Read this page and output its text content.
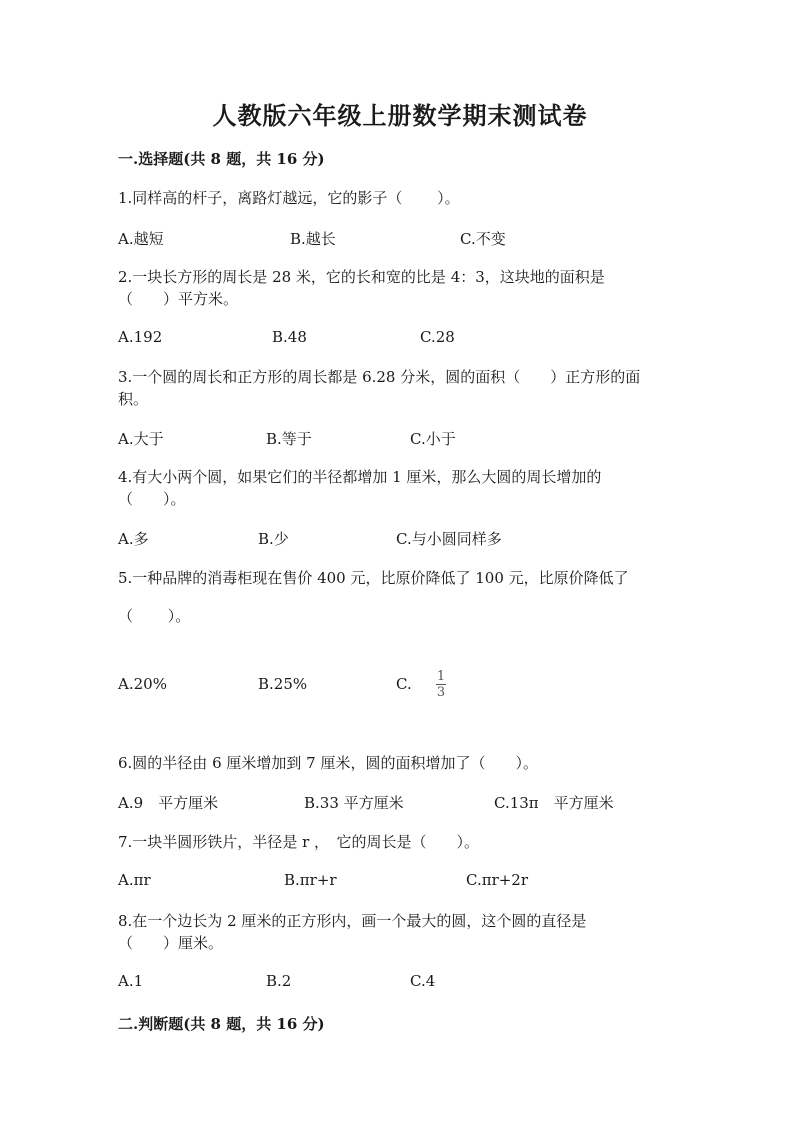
人教版六年级上册数学期末测试卷
一.选择题(共 8 题，共 16 分)
1.同样高的杆子，离路灯越远，它的影子（　　 ）。
A.越短	B.越长	C.不变
2.一块长方形的周长是 28 米，它的长和宽的比是 4：3，这块地的面积是
（　　）平方米。
A.192	B.48	C.28
3.一个圆的周长和正方形的周长都是 6.28 分米，圆的面积（　　）正方形的面
积。
A.大于	B.等于	C.小于
4.有大小两个圆，如果它们的半径都增加 1 厘米，那么大圆的周长增加的
（　　）。
A.多	B.少	C.与小圆同样多
5.一种品牌的消毒柜现在售价 400 元，比原价降低了 100 元，比原价降低了
（　　 ）。
A.20%	B.25%	C. 1
3
6.圆的半径由 6 厘米增加到 7 厘米，圆的面积增加了（　　）。
A.9　平方厘米	B.33 平方厘米	C.13π　平方厘米
7.一块半圆形铁片，半径是 r ，　它的周长是（　　）。
A.πr	B.πr+r	C.πr+2r
8.在一个边长为 2 厘米的正方形内，画一个最大的圆，这个圆的直径是
（　　）厘米。
A.1	B.2	C.4
二.判断题(共 8 题，共 16 分)
